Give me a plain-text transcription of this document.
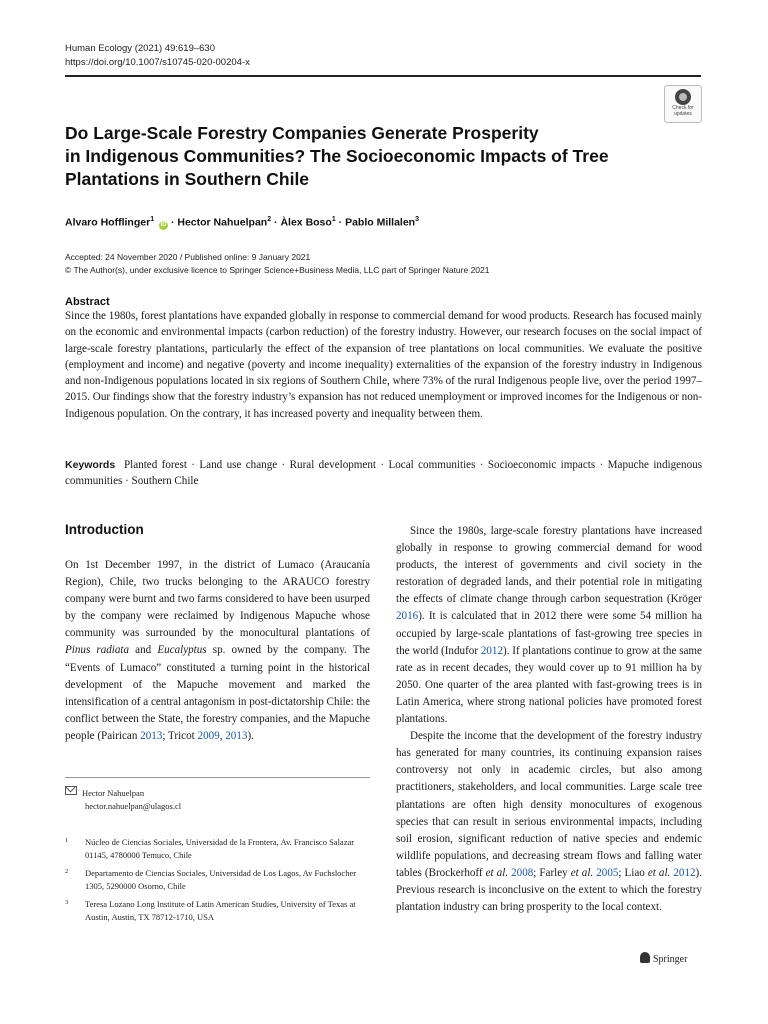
Human Ecology (2021) 49:619–630
https://doi.org/10.1007/s10745-020-00204-x
Check for
updates
Do Large-Scale Forestry Companies Generate Prosperity
in Indigenous Communities? The Socioeconomic Impacts of Tree
Plantations in Southern Chile
Alvaro Hofflinger$^1$ iD · Hector Nahuelpan$^2$ · Àlex Boso$^1$ · Pablo Millalen$^3$
Accepted: 24 November 2020 / Published online: 9 January 2021
© The Author(s), under exclusive licence to Springer Science+Business Media, LLC part of Springer Nature 2021
Abstract

Since the 1980s, forest plantations have expanded globally in response to commercial demand for wood products. Research has focused mainly on the economic and environmental impacts (carbon reduction) of the forestry industry. However, our research focuses on the social impact of large-scale forestry plantations, particularly the effect of the expansion of tree plantations on local communities. We evaluate the positive (employment and income) and negative (poverty and income inequality) externalities of the expansion of the forestry industry in Indigenous and non-Indigenous populations located in six regions of Southern Chile, where 73% of the rural Indigenous people live, over the period 1997–2015. Our findings show that the forestry industry’s expansion has not reduced unemployment or improved incomes for the Indigenous or non-Indigenous population. On the contrary, it has increased poverty and inequality between them.

Keywords Planted forest · Land use change · Rural development · Local communities · Socioeconomic impacts · Mapuche indigenous communities · Southern Chile

Introduction

On 1st December 1997, in the district of Lumaco (Araucanía Region), Chile, two trucks belonging to the ARAUCO forestry company were burnt and two farms considered to have been usurped by the company were reclaimed by Indigenous Mapuche whose community was surrounded by the monocultural plantations of Pinus radiata and Eucalyptus sp. owned by the company. The “Events of Lumaco” constituted a turning point in the historical development of the Mapuche movement and marked the intensification of a central antagonism in post-dictatorship Chile: the conflict between the State, the forestry companies, and the Mapuche people (Pairican 2013; Tricot 2009, 2013).

Since the 1980s, large-scale forestry plantations have increased globally in response to growing commercial demand for wood products, the interest of governments and civil society in the restoration of degraded lands, and their potential role in mitigating the effects of climate change through carbon sequestration (Kröger 2016). It is calculated that in 2012 there were some 54 million ha occupied by large-scale plantations of fast-growing tree species in the world (Indufor 2012). If plantations continue to grow at the same rate as in recent decades, they would cover up to 91 million ha by 2050. One quarter of the area planted with fast-growing trees is in Latin America, where strong national policies have promoted forest plantations.

Despite the income that the development of the forestry industry has generated for many countries, its continuing expansion raises controversy not only in academic circles, but also among practitioners, stakeholders, and local communities. Large scale tree plantations are often high density monocultures of exogenous species that can result in serious environmental impacts, including soil erosion, significant reduction of native species and endemic wildlife populations, and decreasing stream flows and falling water tables (Brockerhoff et al. 2008; Farley et al. 2005; Liao et al. 2012). Previous research is inconclusive on the extent to which the forestry plantation industry can bring prosperity to the local context.

Hector Nahuelpan
hector.nahuelpan@ulagos.cl
1 Núcleo de Ciencias Sociales, Universidad de la Frontera, Av. Francisco Salazar 01145, 4780000 Temuco, Chile
2 Departamento de Ciencias Sociales, Universidad de Los Lagos, Av Fuchslocher 1305, 5290000 Osorno, Chile
3 Teresa Lozano Long Institute of Latin American Studies, University of Texas at Austin, Austin, TX 78712-1710, USA
Springer
